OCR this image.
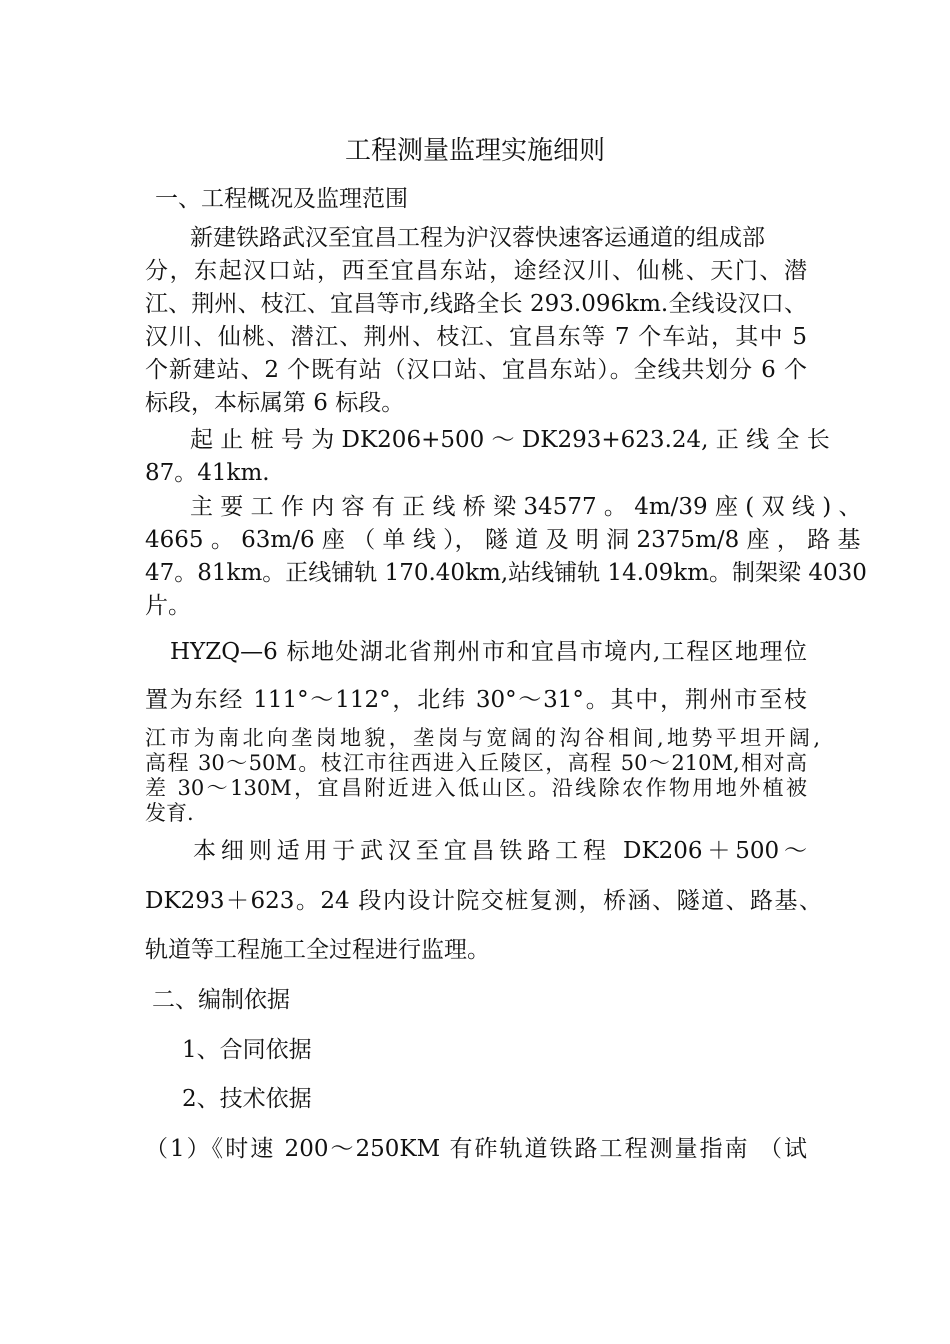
工程测量监理实施细则
一、工程概况及监理范围
新建铁路武汉至宜昌工程为沪汉蓉快速客运通道的组成部
分，东起汉口站，西至宜昌东站，途经汉川、仙桃、天门、潜
江、荆州、枝江、宜昌等市,线路全长 293.096km.全线设汉口、
汉川、仙桃、潜江、荆州、枝江、宜昌东等 7 个车站，其中 5
个新建站、2 个既有站（汉口站、宜昌东站）。全线共划分 6 个
标段，本标属第 6 标段。
起 止 桩 号 为 DK206+500 ～ DK293+623.24, 正 线 全 长
87。41km.
主 要 工 作 内 容 有 正 线 桥 梁 34577 。 4m/39 座 ( 双 线 ) 、
4665 。 63m/6 座 （ 单 线 ）， 隧 道 及 明 洞 2375m/8 座 ， 路 基
47。81km。正线铺轨 170.40km,站线铺轨 14.09km。制架梁 4030
片。
HYZQ—6 标地处湖北省荆州市和宜昌市境内,工程区地理位
置为东经 111°～112°，北纬 30°～31°。其中，荆州市至枝
江市为南北向垄岗地貌，垄岗与宽阔的沟谷相间,地势平坦开阔,
高程 30～50M。枝江市往西进入丘陵区，高程 50～210M,相对高
差 30～130M，宜昌附近进入低山区。沿线除农作物用地外植被
发育.
本细则适用于武汉至宜昌铁路工程 DK206＋500～
DK293＋623。24 段内设计院交桩复测，桥涵、隧道、路基、
轨道等工程施工全过程进行监理。
二、编制依据
1、合同依据
2、技术依据
（1）《时速 200～250KM 有砟轨道铁路工程测量指南 （试
